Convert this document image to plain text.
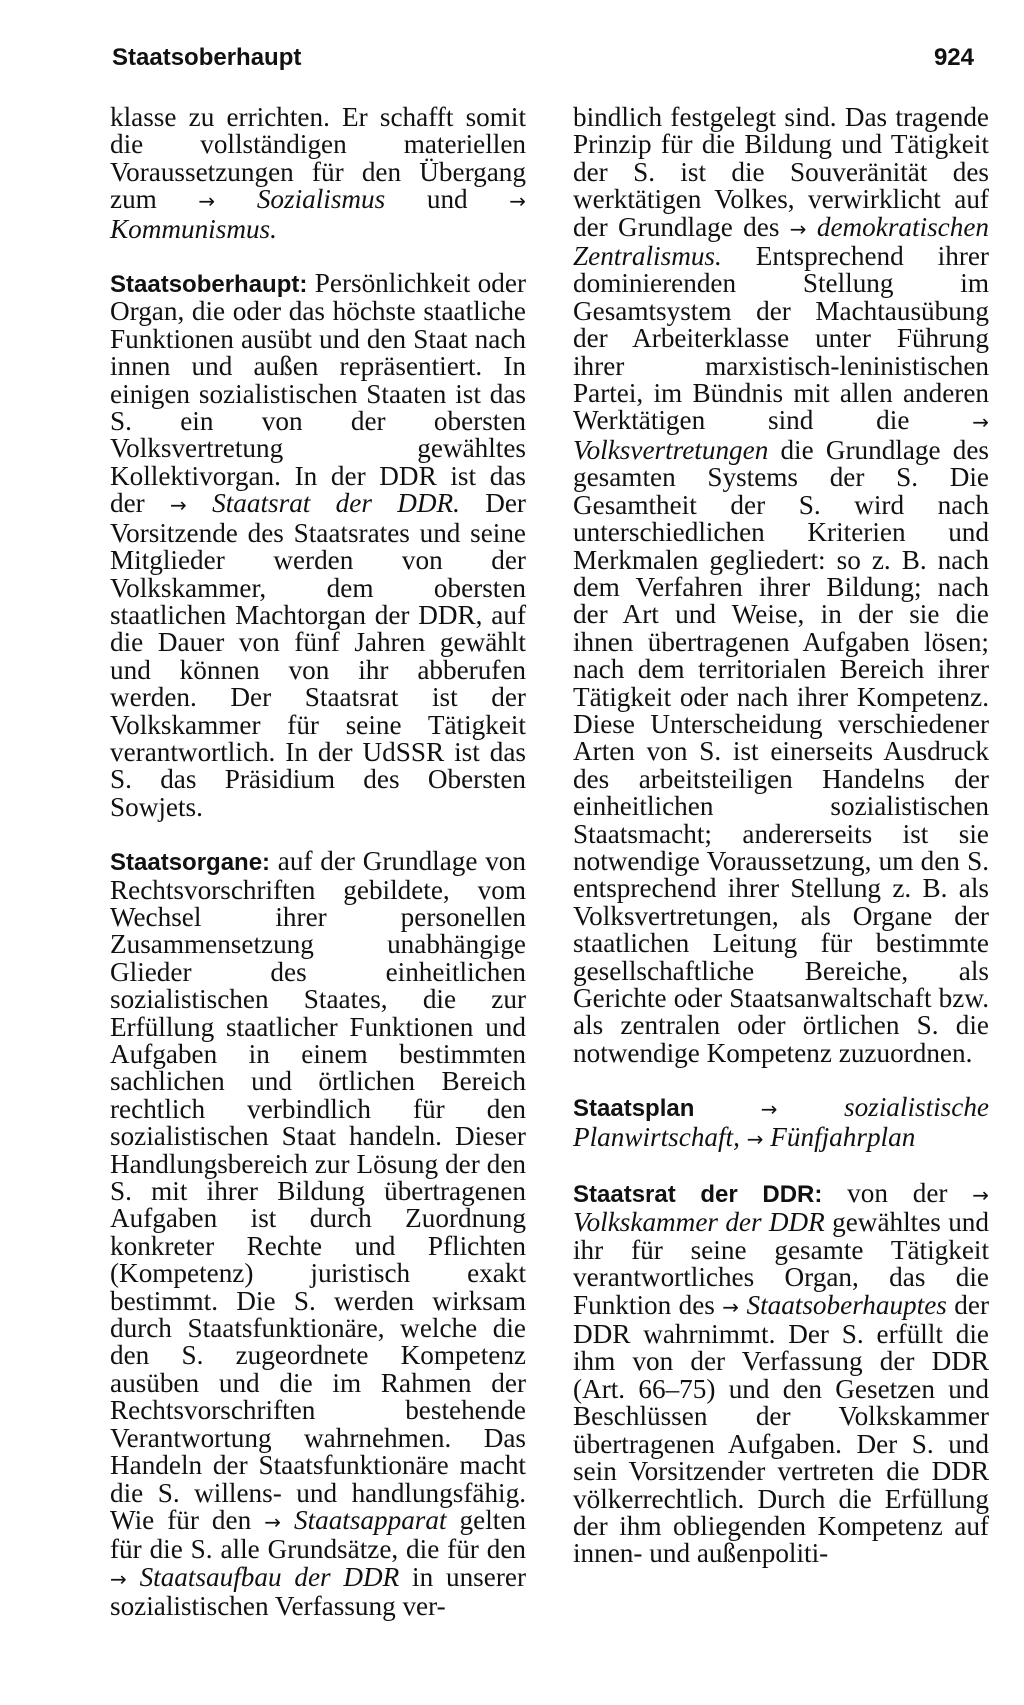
Staatsoberhaupt	924

klasse zu errichten. Er schafft somit die vollständigen materiellen Voraussetzungen für den Übergang zum → Sozialismus und → Kommunismus.

Staatsoberhaupt: Persönlichkeit oder Organ, die oder das höchste staatliche Funktionen ausübt und den Staat nach innen und außen repräsentiert. In einigen sozialistischen Staaten ist das S. ein von der obersten Volksvertretung gewähltes Kollektivorgan. In der DDR ist das der → Staatsrat der DDR. Der Vorsitzende des Staatsrates und seine Mitglieder werden von der Volkskammer, dem obersten staatlichen Machtorgan der DDR, auf die Dauer von fünf Jahren gewählt und können von ihr abberufen werden. Der Staatsrat ist der Volkskammer für seine Tätigkeit verantwortlich. In der UdSSR ist das S. das Präsidium des Obersten Sowjets.

Staatsorgane: auf der Grundlage von Rechtsvorschriften gebildete, vom Wechsel ihrer personellen Zusammensetzung unabhängige Glieder des einheitlichen sozialistischen Staates, die zur Erfüllung staatlicher Funktionen und Aufgaben in einem bestimmten sachlichen und örtlichen Bereich rechtlich verbindlich für den sozialistischen Staat handeln. Dieser Handlungsbereich zur Lösung der den S. mit ihrer Bildung übertragenen Aufgaben ist durch Zuordnung konkreter Rechte und Pflichten (Kompetenz) juristisch exakt bestimmt. Die S. werden wirksam durch Staatsfunktionäre, welche die den S. zugeordnete Kompetenz ausüben und die im Rahmen der Rechtsvorschriften bestehende Verantwortung wahrnehmen. Das Handeln der Staatsfunktionäre macht die S. willens- und handlungsfähig. Wie für den → Staatsapparat gelten für die S. alle Grundsätze, die für den → Staatsaufbau der DDR in unserer sozialistischen Verfassung ver-

bindlich festgelegt sind. Das tragende Prinzip für die Bildung und Tätigkeit der S. ist die Souveränität des werktätigen Volkes, verwirklicht auf der Grundlage des → demokratischen Zentralismus. Entsprechend ihrer dominierenden Stellung im Gesamtsystem der Machtausübung der Arbeiterklasse unter Führung ihrer marxistisch-leninistischen Partei, im Bündnis mit allen anderen Werktätigen sind die → Volksvertretungen die Grundlage des gesamten Systems der S. Die Gesamtheit der S. wird nach unterschiedlichen Kriterien und Merkmalen gegliedert: so z. B. nach dem Verfahren ihrer Bildung; nach der Art und Weise, in der sie die ihnen übertragenen Aufgaben lösen; nach dem territorialen Bereich ihrer Tätigkeit oder nach ihrer Kompetenz. Diese Unterscheidung verschiedener Arten von S. ist einerseits Ausdruck des arbeitsteiligen Handelns der einheitlichen sozialistischen Staatsmacht; andererseits ist sie notwendige Voraussetzung, um den S. entsprechend ihrer Stellung z. B. als Volksvertretungen, als Organe der staatlichen Leitung für bestimmte gesellschaftliche Bereiche, als Gerichte oder Staatsanwaltschaft bzw. als zentralen oder örtlichen S. die notwendige Kompetenz zuzuordnen.

Staatsplan	→ sozialistische Planwirtschaft, → Fünfjahrplan

Staatsrat der DDR: von der → Volkskammer der DDR gewähltes und ihr für seine gesamte Tätigkeit verantwortliches Organ, das die Funktion des → Staatsoberhauptes der DDR wahrnimmt. Der S. erfüllt die ihm von der Verfassung der DDR (Art. 66–75) und den Gesetzen und Beschlüssen der Volkskammer übertragenen Aufgaben. Der S. und sein Vorsitzender vertreten die DDR völkerrechtlich. Durch die Erfüllung der ihm obliegenden Kompetenz auf innen- und außenpoliti-
